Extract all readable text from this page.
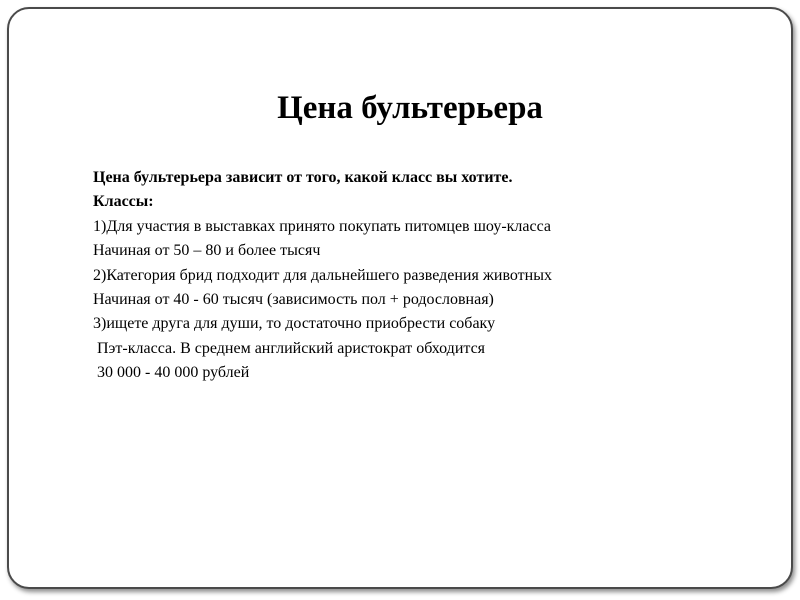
Цена бультерьера
Цена бультерьера зависит от того, какой класс вы хотите.
Классы:
1)Для участия в выставках принято покупать питомцев шоу-класса
Начиная от 50 – 80 и более тысяч
2)Категория брид подходит для дальнейшего разведения животных
Начиная от 40 - 60 тысяч (зависимость пол + родословная)
3)ищете друга для души, то достаточно приобрести собаку
Пэт-класса. В среднем английский аристократ обходится
30 000 - 40 000 рублей
